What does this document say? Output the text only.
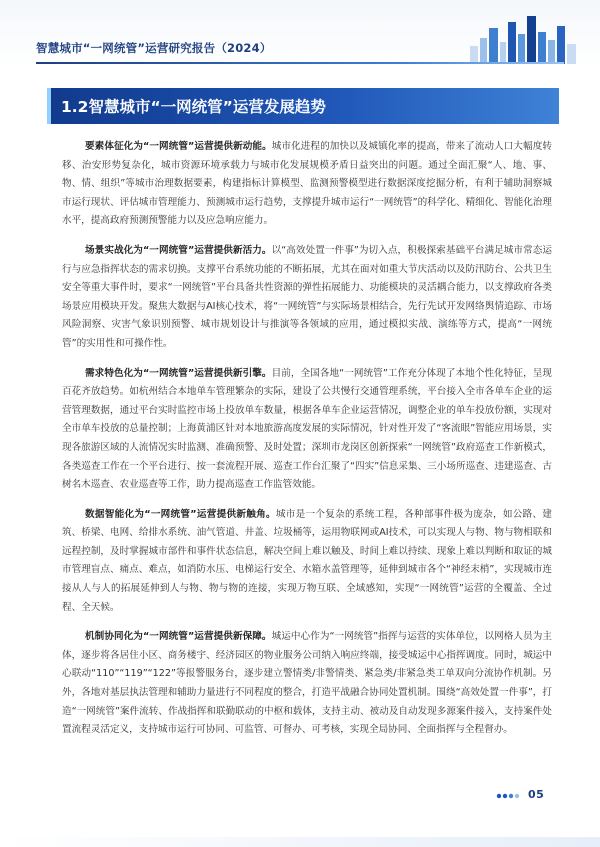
智慧城市“一网统管”运营研究报告（2024）
1.2智慧城市“一网统管”运营发展趋势

要素体征化为“一网统管”运营提供新动能。城市化进程的加快以及城镇化率的提高，带来了流动人口大幅度转移、治安形势复杂化，城市资源环境承载力与城市化发展规模矛盾日益突出的问题。通过全面汇聚“人、地、事、物、情、组织”等城市治理数据要素，构建指标计算模型、监测预警模型进行数据深度挖掘分析，有利于辅助洞察城市运行现状、评估城市管理能力、预测城市运行趋势，支撑提升城市运行“一网统管”的科学化、精细化、智能化治理水平，提高政府预测预警能力以及应急响应能力。

场景实战化为“一网统管”运营提供新活力。以“高效处置一件事”为切入点，积极探索基础平台满足城市常态运行与应急指挥状态的需求切换。支撑平台系统功能的不断拓展，尤其在面对如重大节庆活动以及防汛防台、公共卫生安全等重大事件时，要求“一网统管”平台具备共性资源的弹性拓展能力、功能模块的灵活耦合能力，以支撑政府各类场景应用模块开发。聚焦大数据与AI核心技术，将“一网统管”与实际场景相结合，先行先试开发网络舆情追踪、市场风险洞察、灾害气象识别预警、城市规划设计与推演等各领域的应用，通过模拟实战、演练等方式，提高“一网统管”的实用性和可操作性。

需求特色化为“一网统管”运营提供新引擎。目前，全国各地“一网统管”工作充分体现了本地个性化特征，呈现百花齐放趋势。如杭州结合本地单车管理繁杂的实际，建设了公共慢行交通管理系统，平台接入全市各单车企业的运营管理数据，通过平台实时监控市场上投放单车数量，根据各单车企业运营情况，调整企业的单车投放份额，实现对全市单车投放的总量控制；上海黄浦区针对本地旅游高度发展的实际情况，针对性开发了“客流眼”智能应用场景，实现各旅游区域的人流情况实时监测、准确预警、及时处置；深圳市龙岗区创新探索“一网统管”政府巡查工作新模式，各类巡查工作在一个平台进行、按一套流程开展、巡查工作台汇聚了“四实”信息采集、三小场所巡查、违建巡查、古树名木巡查、农业巡查等工作，助力提高巡查工作监管效能。

数据智能化为“一网统管”运营提供新触角。城市是一个复杂的系统工程，各种部事件极为庞杂，如公路、建筑、桥梁、电网、给排水系统、油气管道、井盖、垃圾桶等，运用物联网或AI技术，可以实现人与物、物与物相联和远程控制，及时掌握城市部件和事件状态信息，解决空间上难以触及、时间上难以持续、现象上难以判断和取证的城市管理盲点、痛点、难点，如消防水压、电梯运行安全、水箱水盖管理等，延伸到城市各个“神经末梢”，实现城市连接从人与人的拓展延伸到人与物、物与物的连接，实现万物互联、全域感知，实现“一网统管”运营的全覆盖、全过程、全天候。

机制协同化为“一网统管”运营提供新保障。城运中心作为“一网统管”指挥与运营的实体单位，以网格人员为主体，逐步将各居住小区、商务楼宇、经济园区的物业服务公司纳入响应终端，接受城运中心指挥调度。同时，城运中心联动“110”“119”“122”等报警服务台，逐步建立警情类/非警情类、紧急类/非紧急类工单双向分流协作机制。另外，各地对基层执法管理和辅助力量进行不同程度的整合，打造平战融合协同处置机制。围绕“高效处置一件事”，打造“一网统管”案件流转、作战指挥和联勤联动的中枢和载体，支持主动、被动及自动发现多源案件接入，支持案件处置流程灵活定义，支持城市运行可协同、可监管、可督办、可考核，实现全局协同、全面指挥与全程督办。

05
